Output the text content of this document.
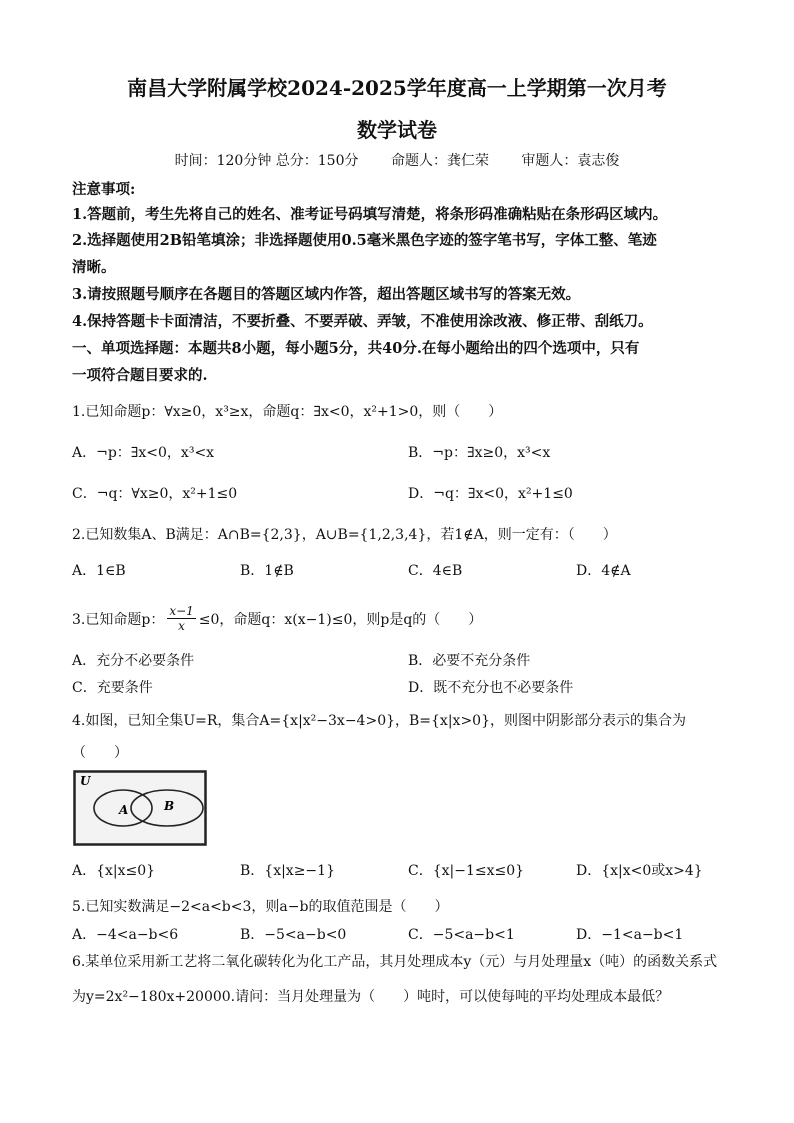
南昌大学附属学校2024-2025学年度高一上学期第一次月考
数学试卷
时间：120分钟 总分：150分 命题人：龚仁荣 审题人：袁志俊
注意事项:
1.答题前，考生先将自己的姓名、准考证号码填写清楚，将条形码准确粘贴在条形码区域内。
2.选择题使用2B铅笔填涂；非选择题使用0.5毫米黑色字迹的签字笔书写，字体工整、笔迹
清晰。
3.请按照题号顺序在各题目的答题区域内作答，超出答题区域书写的答案无效。
4.保持答题卡卡面清洁，不要折叠、不要弄破、弄皱，不准使用涂改液、修正带、刮纸刀。
一、单项选择题：本题共8小题，每小题5分，共40分.在每小题给出的四个选项中，只有
一项符合题目要求的.
1.已知命题p：∀x≥0，x³≥x，命题q：∃x<0，x²+1>0，则（　　）
A．¬p：∃x<0，x³<x	B．¬p：∃x≥0，x³<x
C．¬q：∀x≥0，x²+1≤0	D．¬q：∃x<0，x²+1≤0
2.已知数集A、B满足：A∩B={2,3}，A∪B={1,2,3,4}，若1∉A，则一定有：（　　）
A．1∈B	B．1∉B	C．4∈B	D．4∉A
3.已知命题p： $\frac{x-1}{x} \le 0$，命题q：x(x−1)≤0，则p是q的（　　）
A．充分不必要条件	B．必要不充分条件
C．充要条件	D．既不充分也不必要条件
4.如图，已知全集U=R，集合A={x|x²−3x−4>0}，B={x|x>0}，则图中阴影部分表示的集合为
（　　）
U
A	B
A．{x|x≤0}	B．{x|x≥−1}	C．{x|−1≤x≤0}	D．{x|x<0或x>4}
5.已知实数满足−2<a<b<3，则a−b的取值范围是（　　）
A．−4<a−b<6	B．−5<a−b<0	C．−5<a−b<1	D．−1<a−b<1
6.某单位采用新工艺将二氧化碳转化为化工产品，其月处理成本y（元）与月处理量x（吨）的函数关系式
为y=2x²−180x+20000.请问：当月处理量为（　　）吨时，可以使每吨的平均处理成本最低？
